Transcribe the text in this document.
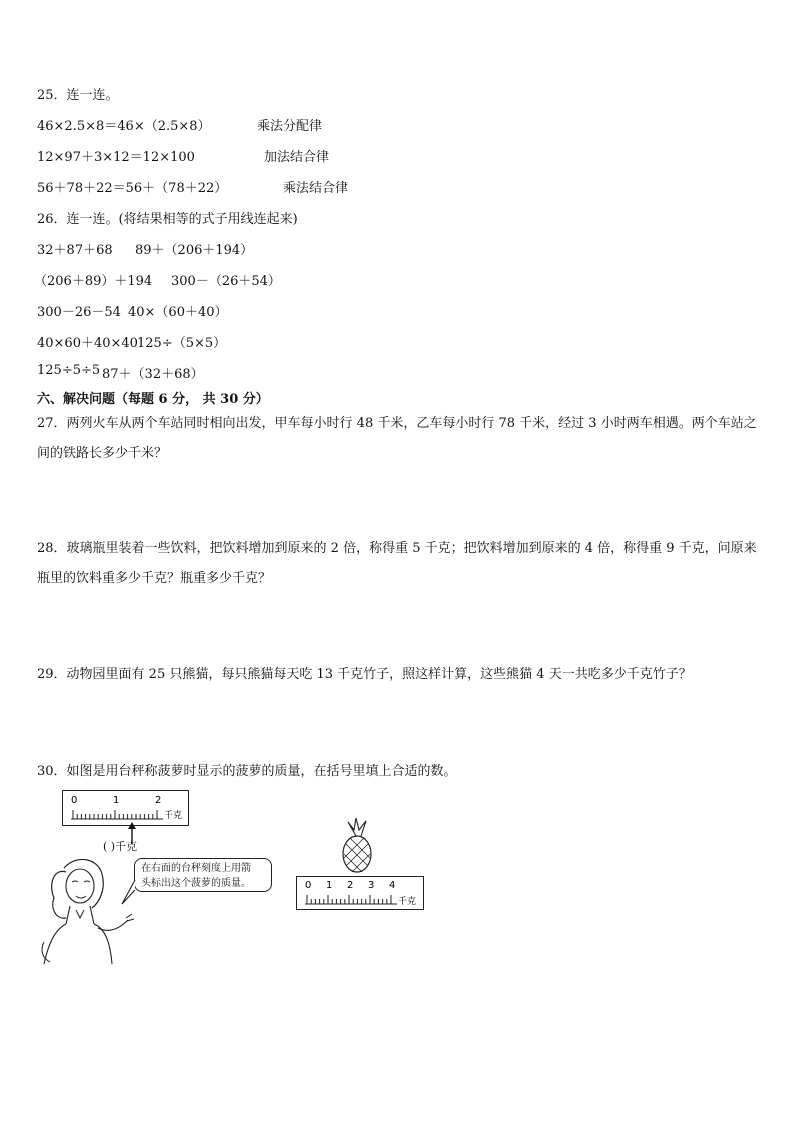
25．连一连。
46×2.5×8＝46×（2.5×8）	乘法分配律
12×97＋3×12＝12×100	加法结合律
56＋78＋22＝56＋（78＋22）	乘法结合律
26．连一连。(将结果相等的式子用线连起来)
32＋87＋68 89＋（206＋194）
（206＋89）＋194 300－（26＋54）
300－26－54 40×（60＋40）
40×60＋40×40 125÷（5×5）
125÷5÷5 87＋（32＋68）
六、解决问题（每题 6 分， 共 30 分）
27．两列火车从两个车站同时相向出发，甲车每小时行 48 千米，乙车每小时行 78 千米，经过 3 小时两车相遇。两个车站之间的铁路长多少千米？
28．玻璃瓶里装着一些饮料，把饮料增加到原来的 2 倍，称得重 5 千克；把饮料增加到原来的 4 倍，称得重 9 千克，问原来瓶里的饮料重多少千克？瓶重多少千克？
29．动物园里面有 25 只熊猫，每只熊猫每天吃 13 千克竹子，照这样计算，这些熊猫 4 天一共吃多少千克竹子？
30．如图是用台秤称菠萝时显示的菠萝的质量，在括号里填上合适的数。
0	1	2
千克
( )千克
在右面的台秤刻度上用箭
头标出这个菠萝的质量。	0 1 2 3 4
千克
